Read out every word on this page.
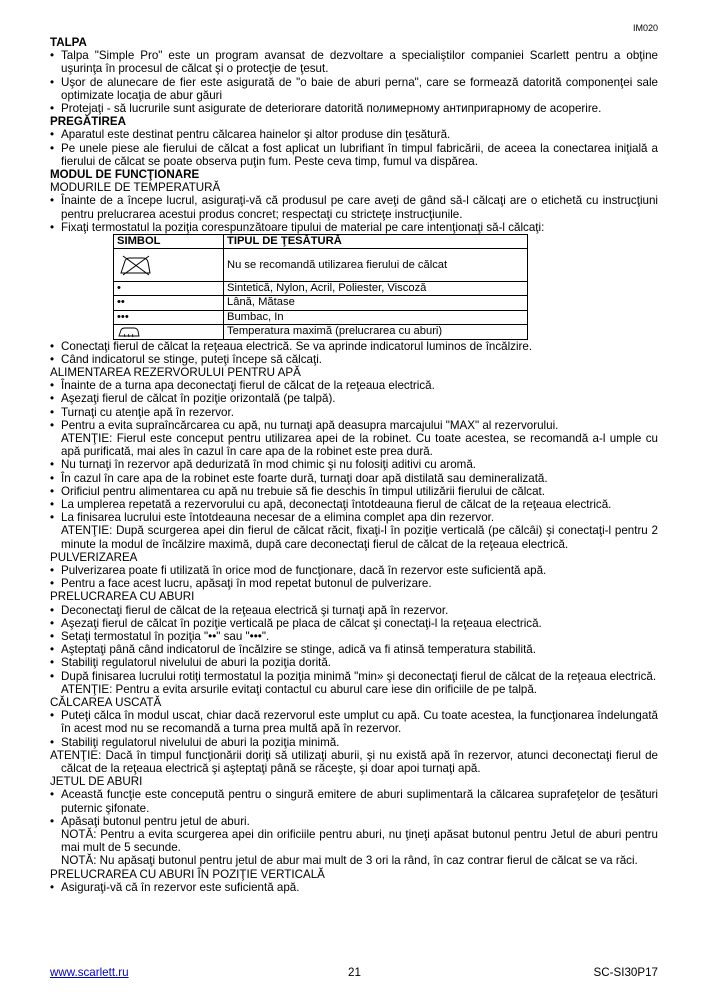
IM020
TALPA
• Talpa "Simple Pro" este un program avansat de dezvoltare a specialiştilor companiei Scarlett pentru a obţine uşurinţa în procesul de călcat şi o protecţie de ţesut.
• Uşor de alunecare de fier este asigurată de "o baie de aburi perna", care se formează datorită componenţei sale optimizate locaţia de abur găuri
• Protejaţi - să lucrurile sunt asigurate de deteriorare datorită полимерному антипригарному de acoperire.
PREGĂTIREA
• Aparatul este destinat pentru călcarea hainelor şi altor produse din ţesătură.
• Pe unele piese ale fierului de călcat a fost aplicat un lubrifiant în timpul fabricării, de aceea la conectarea iniţială a fierului de călcat se poate observa puţin fum. Peste ceva timp, fumul va dispărea.
MODUL DE FUNCŢIONARE
MODURILE DE TEMPERATURĂ
• Înainte de a începe lucrul, asiguraţi-vă că produsul pe care aveţi de gând să-l călcaţi are o etichetă cu instrucţiuni pentru prelucrarea acestui produs concret; respectaţi cu stricteţe instrucţiunile.
• Fixaţi termostatul la poziţia corespunzătoare tipului de material pe care intenţionaţi să-l călcaţi:
SIMBOL	TIPUL DE ŢESĂTURĂ
	Nu se recomandă utilizarea fierului de călcat
•	Sintetică, Nylon, Acril, Poliester, Viscoză
••	Lână, Mătase
•••	Bumbac, In
	Temperatura maximă (prelucrarea cu aburi)
• Conectaţi fierul de călcat la reţeaua electrică. Se va aprinde indicatorul luminos de încălzire.
• Când indicatorul se stinge, puteţi începe să călcaţi.
ALIMENTAREA REZERVORULUI PENTRU APĂ
• Înainte de a turna apa deconectaţi fierul de călcat de la reţeaua electrică.
• Aşezaţi fierul de călcat în poziţie orizontală (pe talpă).
• Turnaţi cu atenţie apă în rezervor.
• Pentru a evita supraîncărcarea cu apă, nu turnaţi apă deasupra marcajului "MAX" al rezervorului.
ATENŢIE: Fierul este conceput pentru utilizarea apei de la robinet. Cu toate acestea, se recomandă a-l umple cu apă purificată, mai ales în cazul în care apa de la robinet este prea dură.
• Nu turnaţi în rezervor apă dedurizată în mod chimic şi nu folosiţi aditivi cu aromă.
• În cazul în care apa de la robinet este foarte dură, turnaţi doar apă distilată sau demineralizată.
• Orificiul pentru alimentarea cu apă nu trebuie să fie deschis în timpul utilizării fierului de călcat.
• La umplerea repetată a rezervorului cu apă, deconectaţi întotdeauna fierul de călcat de la reţeaua electrică.
• La finisarea lucrului este întotdeauna necesar de a elimina complet apa din rezervor.
ATENŢIE: După scurgerea apei din fierul de călcat răcit, fixaţi-l în poziţie verticală (pe călcâi) şi conectaţi-l pentru 2 minute la modul de încălzire maximă, după care deconectaţi fierul de călcat de la reţeaua electrică.
PULVERIZAREA
• Pulverizarea poate fi utilizată în orice mod de funcţionare, dacă în rezervor este suficientă apă.
• Pentru a face acest lucru, apăsaţi în mod repetat butonul de pulverizare.
PRELUCRAREA CU ABURI
• Deconectaţi fierul de călcat de la reţeaua electrică şi turnaţi apă în rezervor.
• Aşezaţi fierul de călcat în poziţie verticală pe placa de călcat şi conectaţi-l la reţeaua electrică.
• Setaţi termostatul în poziţia "••" sau "•••".
• Aşteptaţi până când indicatorul de încălzire se stinge, adică va fi atinsă temperatura stabilită.
• Stabiliţi regulatorul nivelului de aburi la poziţia dorită.
• După finisarea lucrului rotiţi termostatul la poziţia minimă "min» şi deconectaţi fierul de călcat de la reţeaua electrică.
ATENŢIE: Pentru a evita arsurile evitaţi contactul cu aburul care iese din orificiile de pe talpă.
CĂLCAREA USCATĂ
• Puteţi călca în modul uscat, chiar dacă rezervorul este umplut cu apă. Cu toate acestea, la funcţionarea îndelungată în acest mod nu se recomandă a turna prea multă apă în rezervor.
• Stabiliţi regulatorul nivelului de aburi la poziţia minimă.
ATENŢIE: Dacă în timpul funcţionării doriţi să utilizaţi aburii, şi nu există apă în rezervor, atunci deconectaţi fierul de călcat de la reţeaua electrică şi aşteptaţi până se răceşte, şi doar apoi turnaţi apă.
JETUL DE ABURI
• Această funcţie este concepută pentru o singură emitere de aburi suplimentară la călcarea suprafeţelor de ţesături puternic şifonate.
• Apăsaţi butonul pentru jetul de aburi.
NOTĂ: Pentru a evita scurgerea apei din orificiile pentru aburi, nu ţineţi apăsat butonul pentru Jetul de aburi pentru mai mult de 5 secunde.
NOTĂ: Nu apăsaţi butonul pentru jetul de abur mai mult de 3 ori la rând, în caz contrar fierul de călcat se va răci.
PRELUCRAREA CU ABURI ÎN POZIŢIE VERTICALĂ
• Asiguraţi-vă că în rezervor este suficientă apă.
www.scarlett.ru	21	SC-SI30P17
